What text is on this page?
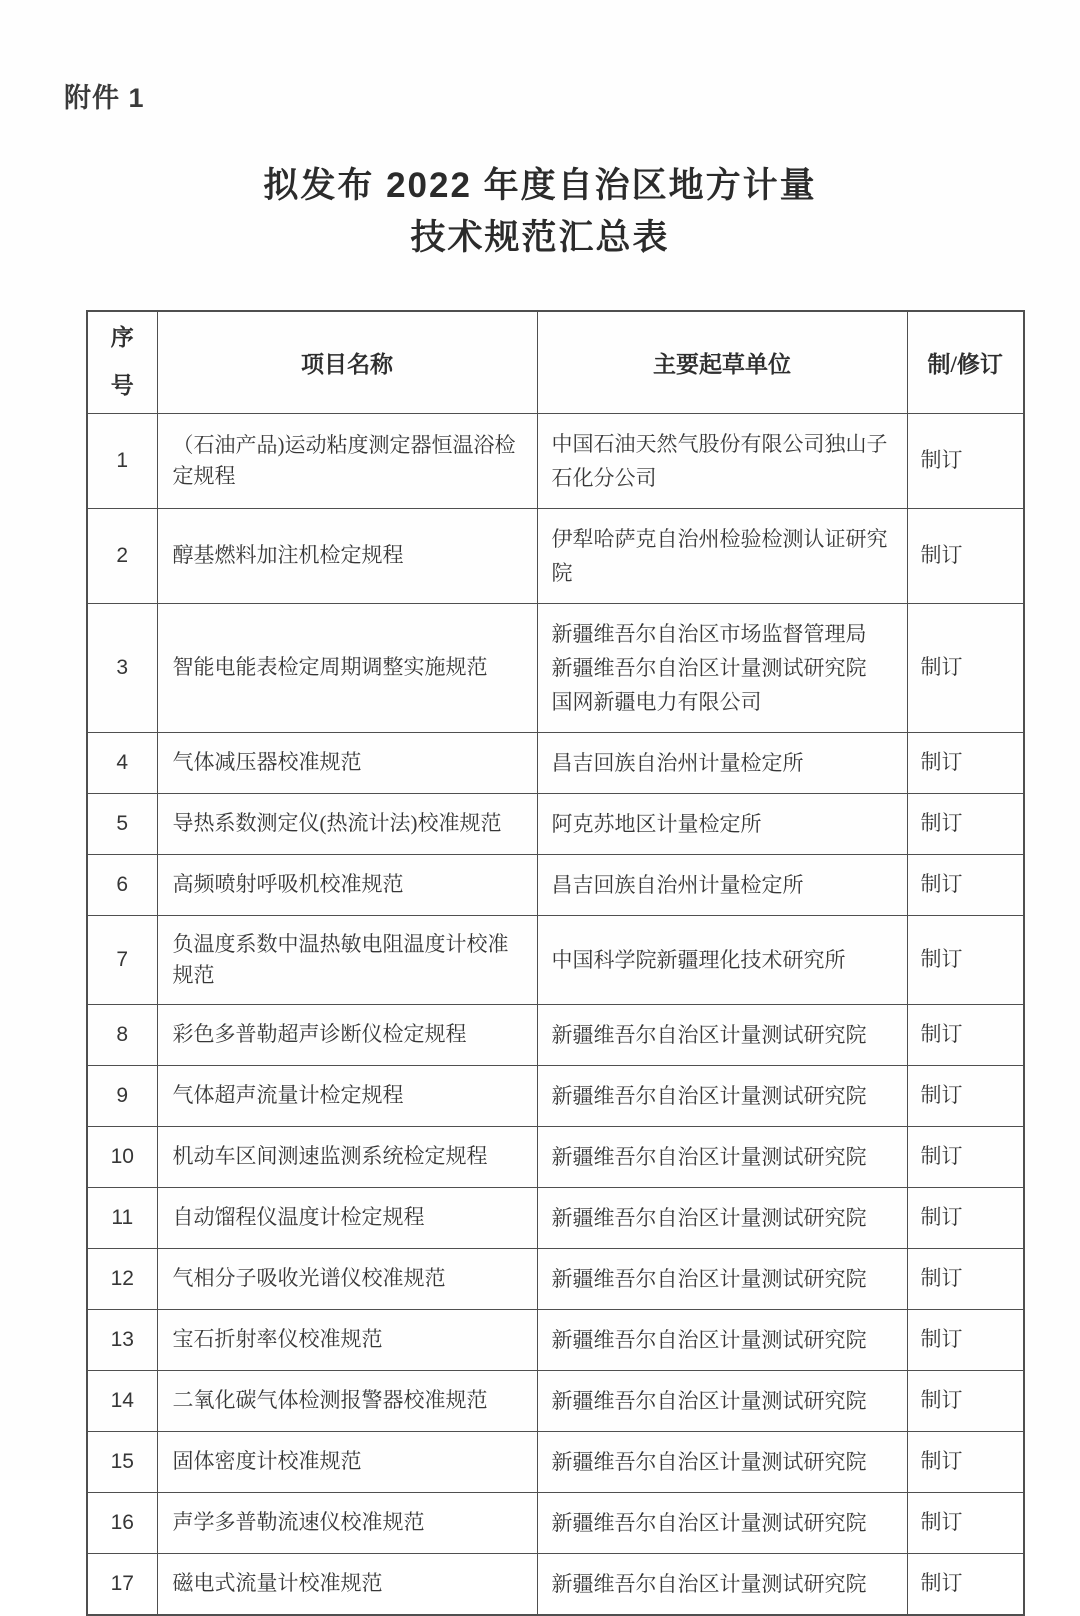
附件 1
拟发布 2022 年度自治区地方计量
技术规范汇总表
序
号	项目名称	主要起草单位	制/修订
1	（石油产品)运动粘度测定器恒温浴检定规程	中国石油天然气股份有限公司独山子石化分公司	制订
2	醇基燃料加注机检定规程	伊犁哈萨克自治州检验检测认证研究院	制订
3	智能电能表检定周期调整实施规范	新疆维吾尔自治区市场监督管理局
新疆维吾尔自治区计量测试研究院
国网新疆电力有限公司	制订
4	气体减压器校准规范	昌吉回族自治州计量检定所	制订
5	导热系数测定仪(热流计法)校准规范	阿克苏地区计量检定所	制订
6	高频喷射呼吸机校准规范	昌吉回族自治州计量检定所	制订
7	负温度系数中温热敏电阻温度计校准规范	中国科学院新疆理化技术研究所	制订
8	彩色多普勒超声诊断仪检定规程	新疆维吾尔自治区计量测试研究院	制订
9	气体超声流量计检定规程	新疆维吾尔自治区计量测试研究院	制订
10	机动车区间测速监测系统检定规程	新疆维吾尔自治区计量测试研究院	制订
11	自动馏程仪温度计检定规程	新疆维吾尔自治区计量测试研究院	制订
12	气相分子吸收光谱仪校准规范	新疆维吾尔自治区计量测试研究院	制订
13	宝石折射率仪校准规范	新疆维吾尔自治区计量测试研究院	制订
14	二氧化碳气体检测报警器校准规范	新疆维吾尔自治区计量测试研究院	制订
15	固体密度计校准规范	新疆维吾尔自治区计量测试研究院	制订
16	声学多普勒流速仪校准规范	新疆维吾尔自治区计量测试研究院	制订
17	磁电式流量计校准规范	新疆维吾尔自治区计量测试研究院	制订
